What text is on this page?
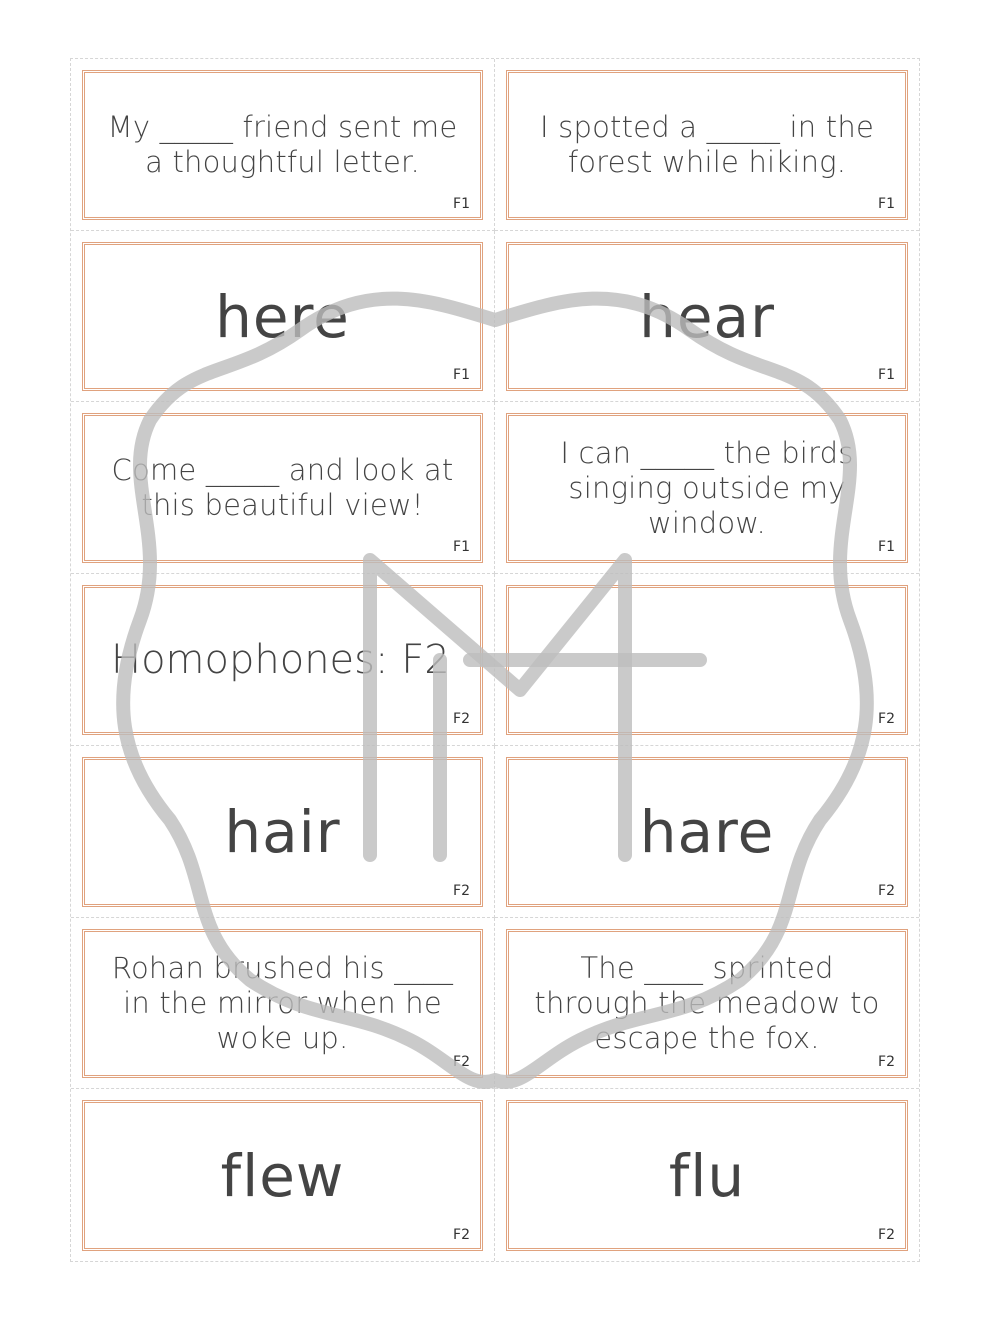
My _____ friend sent me a thoughtful letter.
F1
I spotted a _____ in the forest while hiking.
F1
here
F1
hear
F1
Come _____ and look at this beautiful view!
F1
I can _____ the birds singing outside my window.
F1
Homophones: F2
F2	F2
hair
F2
hare
F2
Rohan brushed his ____ in the mirror when he woke up.
F2
The ____ sprinted through the meadow to escape the fox.
F2
flew
F2
flu
F2
